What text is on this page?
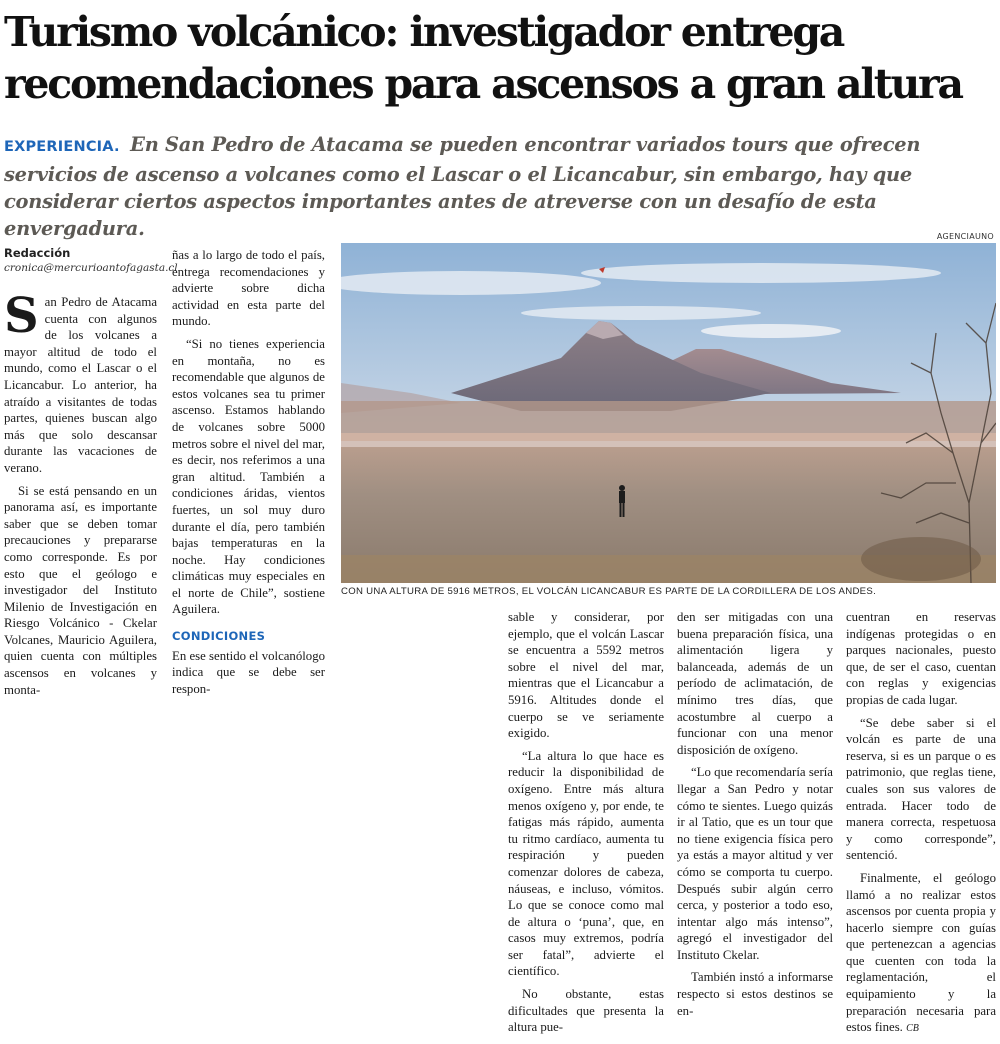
Turismo volcánico: investigador entrega
recomendaciones para ascensos a gran altura

EXPERIENCIA. En San Pedro de Atacama se pueden encontrar variados tours que ofrecen servicios de ascenso a volcanes como el Lascar o el Licancabur, sin embargo, hay que considerar ciertos aspectos importantes antes de atreverse con un desafío de esta envergadura.

Redacción
cronica@mercurioantofagasta.cl

San Pedro de Atacama cuenta con algunos de los volcanes a mayor altitud de todo el mundo, como el Lascar o el Licancabur. Lo anterior, ha atraído a visitantes de todas partes, quienes buscan algo más que solo descansar durante las vacaciones de verano.

Si se está pensando en un panorama así, es importante saber que se deben tomar precauciones y prepararse como corresponde. Es por esto que el geólogo e investigador del Instituto Milenio de Investigación en Riesgo Volcánico - Ckelar Volcanes, Mauricio Aguilera, quien cuenta con múltiples ascensos en volcanes y monta-

ñas a lo largo de todo el país, entrega recomendaciones y advierte sobre dicha actividad en esta parte del mundo.

“Si no tienes experiencia en montaña, no es recomendable que algunos de estos volcanes sea tu primer ascenso. Estamos hablando de volcanes sobre 5000 metros sobre el nivel del mar, es decir, nos referimos a una gran altitud. También a condiciones áridas, vientos fuertes, un sol muy duro durante el día, pero también bajas temperaturas en la noche. Hay condiciones climáticas muy especiales en el norte de Chile”, sostiene Aguilera.

CONDICIONES

En ese sentido el volcanólogo indica que se debe ser respon-

AGENCIAUNO
CON UNA ALTURA DE 5916 METROS, EL VOLCÁN LICANCABUR ES PARTE DE LA CORDILLERA DE LOS ANDES.

sable y considerar, por ejemplo, que el volcán Lascar se encuentra a 5592 metros sobre el nivel del mar, mientras que el Licancabur a 5916. Altitudes donde el cuerpo se ve seriamente exigido.

“La altura lo que hace es reducir la disponibilidad de oxígeno. Entre más altura menos oxígeno y, por ende, te fatigas más rápido, aumenta tu ritmo cardíaco, aumenta tu respiración y pueden comenzar dolores de cabeza, náuseas, e incluso, vómitos. Lo que se conoce como mal de altura o ‘puna’, que, en casos muy extremos, podría ser fatal”, advierte el científico.

No obstante, estas dificultades que presenta la altura pue-

den ser mitigadas con una buena preparación física, una alimentación ligera y balanceada, además de un período de aclimatación, de mínimo tres días, que acostumbre al cuerpo a funcionar con una menor disposición de oxígeno.

“Lo que recomendaría sería llegar a San Pedro y notar cómo te sientes. Luego quizás ir al Tatio, que es un tour que no tiene exigencia física pero ya estás a mayor altitud y ver cómo se comporta tu cuerpo. Después subir algún cerro cerca, y posterior a todo eso, intentar algo más intenso”, agregó el investigador del Instituto Ckelar.

También instó a informarse respecto si estos destinos se en-

cuentran en reservas indígenas protegidas o en parques nacionales, puesto que, de ser el caso, cuentan con reglas y exigencias propias de cada lugar.

“Se debe saber si el volcán es parte de una reserva, si es un parque o es patrimonio, que reglas tiene, cuales son sus valores de entrada. Hacer todo de manera correcta, respetuosa y como corresponde”, sentenció.

Finalmente, el geólogo llamó a no realizar estos ascensos por cuenta propia y hacerlo siempre con guías que pertenezcan a agencias que cuenten con toda la reglamentación, el equipamiento y la preparación necesaria para estos fines. CB
